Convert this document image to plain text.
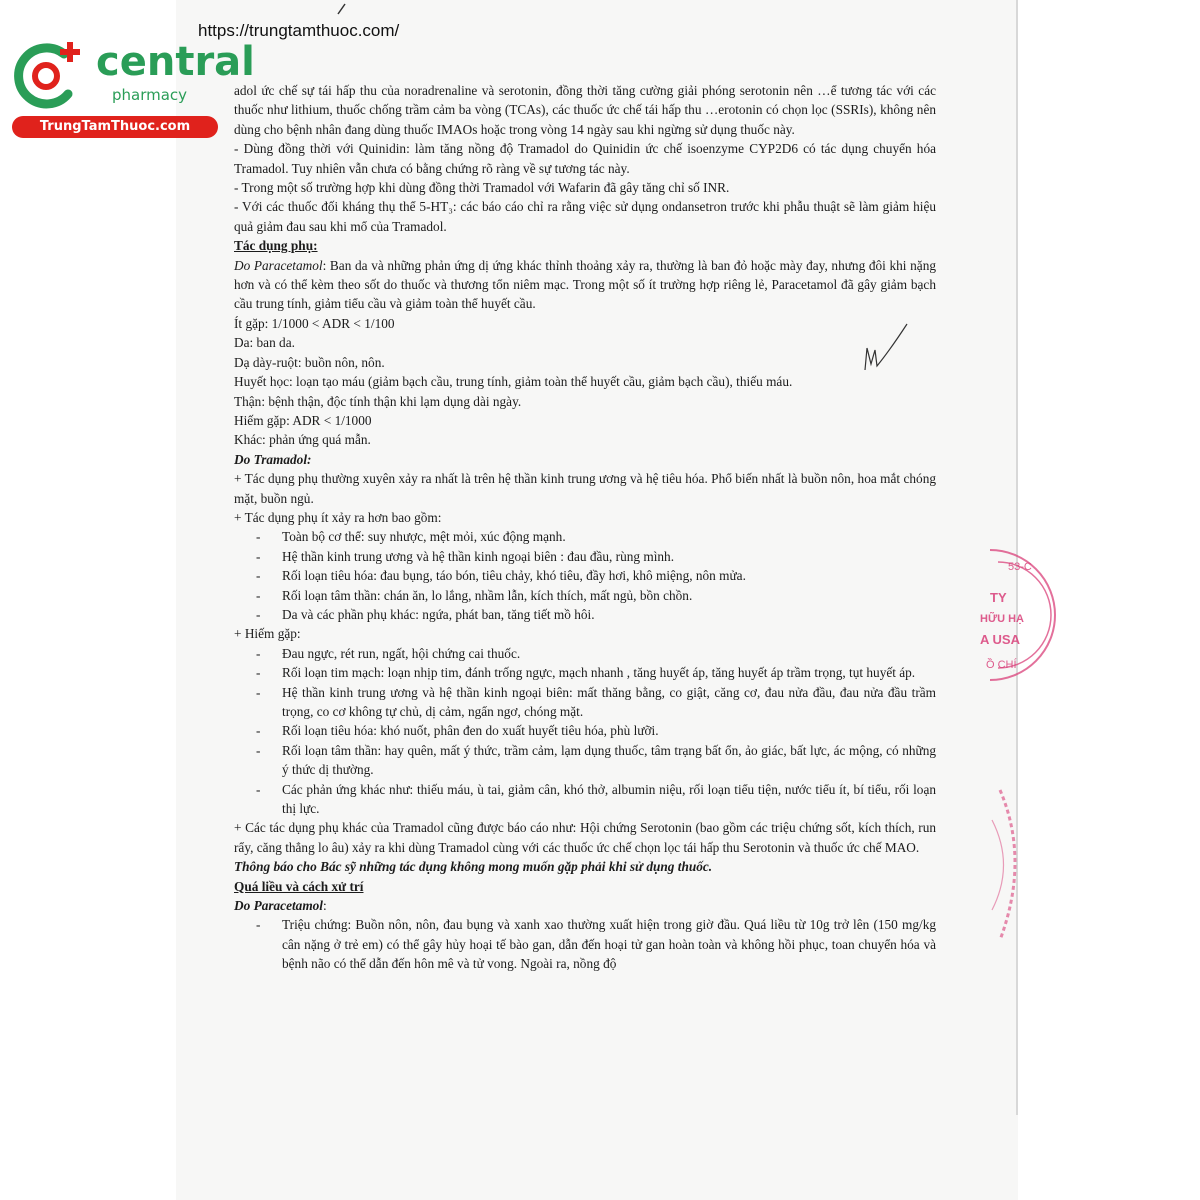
central
pharmacy
TrungTamThuoc.com
https://trungtamthuoc.com/

adol ức chế sự tái hấp thu của noradrenaline và serotonin, đồng thời tăng cường giải phóng serotonin nên …ể tương tác với các thuốc như lithium, thuốc chống trầm cảm ba vòng (TCAs), các thuốc ức chế tái hấp thu …erotonin có chọn lọc (SSRIs), không nên dùng cho bệnh nhân đang dùng thuốc IMAOs hoặc trong vòng 14 ngày sau khi ngừng sử dụng thuốc này.

- Dùng đồng thời với Quinidin: làm tăng nồng độ Tramadol do Quinidin ức chế isoenzyme CYP2D6 có tác dụng chuyển hóa Tramadol. Tuy nhiên vẫn chưa có bằng chứng rõ ràng về sự tương tác này.

- Trong một số trường hợp khi dùng đồng thời Tramadol với Wafarin đã gây tăng chỉ số INR.

- Với các thuốc đối kháng thụ thể 5-HT₃: các báo cáo chỉ ra rằng việc sử dụng ondansetron trước khi phẫu thuật sẽ làm giảm hiệu quả giảm đau sau khi mổ của Tramadol.

Tác dụng phụ:

Do Paracetamol: Ban da và những phản ứng dị ứng khác thỉnh thoảng xảy ra, thường là ban đỏ hoặc mày đay, nhưng đôi khi nặng hơn và có thể kèm theo sốt do thuốc và thương tổn niêm mạc. Trong một số ít trường hợp riêng lẻ, Paracetamol đã gây giảm bạch cầu trung tính, giảm tiểu cầu và giảm toàn thể huyết cầu.

Ít gặp: 1/1000 < ADR < 1/100

Da: ban da.

Dạ dày-ruột: buồn nôn, nôn.

Huyết học: loạn tạo máu (giảm bạch cầu, trung tính, giảm toàn thể huyết cầu, giảm bạch cầu), thiếu máu.

Thận: bệnh thận, độc tính thận khi lạm dụng dài ngày.

Hiếm gặp: ADR < 1/1000

Khác: phản ứng quá mẫn.

Do Tramadol:

+ Tác dụng phụ thường xuyên xảy ra nhất là trên hệ thần kinh trung ương và hệ tiêu hóa. Phổ biến nhất là buồn nôn, hoa mắt chóng mặt, buồn ngủ.

+ Tác dụng phụ ít xảy ra hơn bao gồm:

- Toàn bộ cơ thể: suy nhược, mệt mỏi, xúc động mạnh.
- Hệ thần kinh trung ương và hệ thần kinh ngoại biên : đau đầu, rùng mình.
- Rối loạn tiêu hóa: đau bụng, táo bón, tiêu chảy, khó tiêu, đầy hơi, khô miệng, nôn mửa.
- Rối loạn tâm thần: chán ăn, lo lắng, nhầm lẫn, kích thích, mất ngủ, bồn chồn.
- Da và các phần phụ khác: ngứa, phát ban, tăng tiết mồ hôi.

+ Hiếm gặp:

- Đau ngực, rét run, ngất, hội chứng cai thuốc.
- Rối loạn tim mạch: loạn nhịp tim, đánh trống ngực, mạch nhanh , tăng huyết áp, tăng huyết áp trầm trọng, tụt huyết áp.
- Hệ thần kinh trung ương và hệ thần kinh ngoại biên: mất thăng bằng, co giật, căng cơ, đau nửa đầu, đau nửa đầu trầm trọng, co cơ không tự chủ, dị cảm, ngẩn ngơ, chóng mặt.
- Rối loạn tiêu hóa: khó nuốt, phân đen do xuất huyết tiêu hóa, phù lưỡi.
- Rối loạn tâm thần: hay quên, mất ý thức, trầm cảm, lạm dụng thuốc, tâm trạng bất ổn, ảo giác, bất lực, ác mộng, có những ý thức dị thường.
- Các phản ứng khác như: thiếu máu, ù tai, giảm cân, khó thở, albumin niệu, rối loạn tiểu tiện, nước tiểu ít, bí tiểu, rối loạn thị lực.

+ Các tác dụng phụ khác của Tramadol cũng được báo cáo như: Hội chứng Serotonin (bao gồm các triệu chứng sốt, kích thích, run rẩy, căng thẳng lo âu) xảy ra khi dùng Tramadol cùng với các thuốc ức chế chọn lọc tái hấp thu Serotonin và thuốc ức chế MAO.

Thông báo cho Bác sỹ những tác dụng không mong muốn gặp phải khi sử dụng thuốc.

Quá liều và cách xử trí

Do Paracetamol:

- Triệu chứng: Buồn nôn, nôn, đau bụng và xanh xao thường xuất hiện trong giờ đầu. Quá liều từ 10g trở lên (150 mg/kg cân nặng ở trẻ em) có thể gây hủy hoại tế bào gan, dẫn đến hoại tử gan hoàn toàn và không hồi phục, toan chuyển hóa và bệnh não có thể dẫn đến hôn mê và tử vong. Ngoài ra, nồng độ
53-C
TY
HỮU HẠ
A USA
Ồ CHÍ
